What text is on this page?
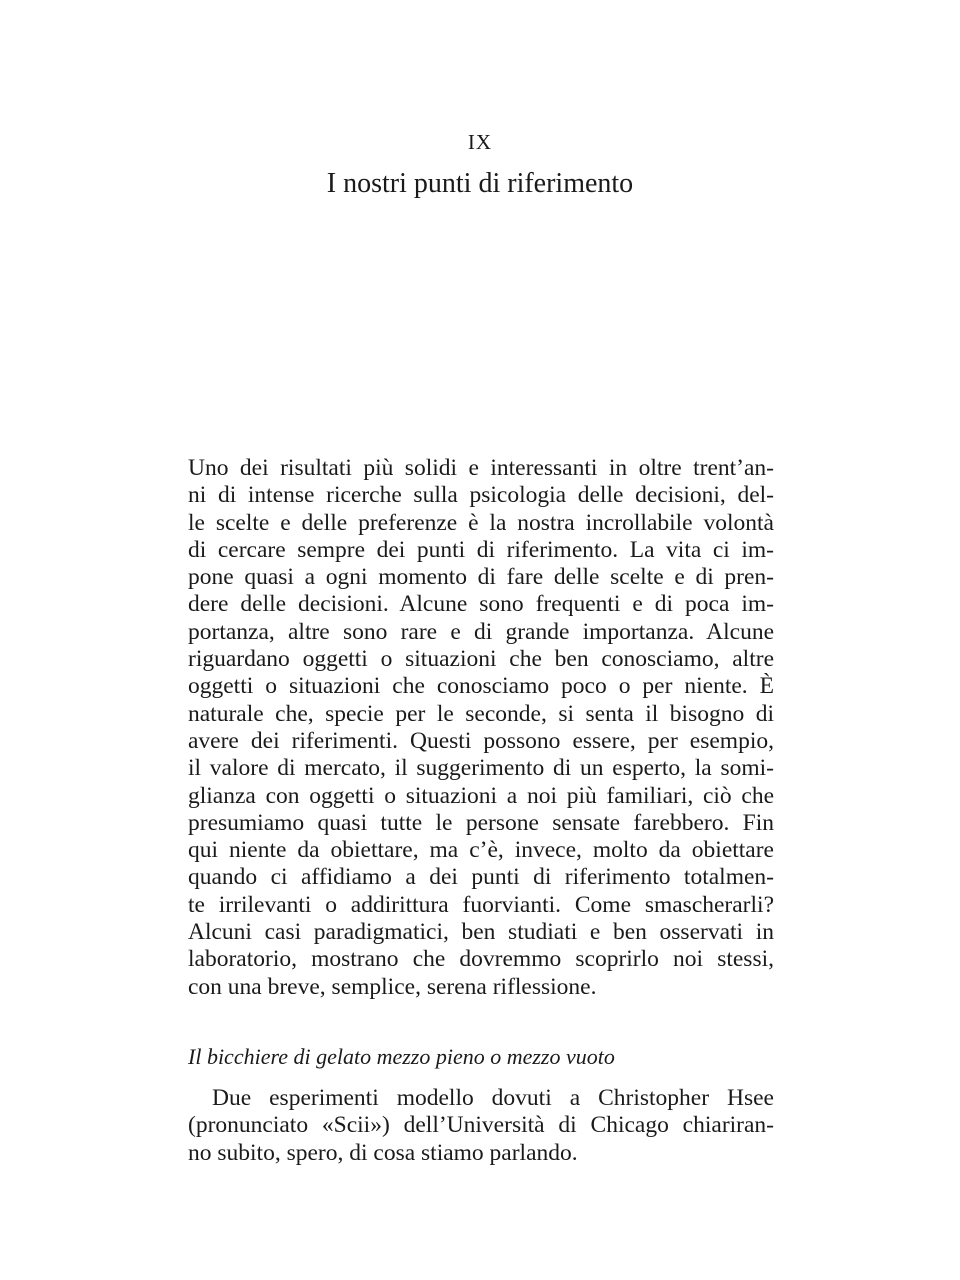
IX
I nostri punti di riferimento
Uno dei risultati più solidi e interessanti in oltre trent’an-
ni di intense ricerche sulla psicologia delle decisioni, del-
le scelte e delle preferenze è la nostra incrollabile volontà
di cercare sempre dei punti di riferimento. La vita ci im-
pone quasi a ogni momento di fare delle scelte e di pren-
dere delle decisioni. Alcune sono frequenti e di poca im-
portanza, altre sono rare e di grande importanza. Alcune
riguardano oggetti o situazioni che ben conosciamo, altre
oggetti o situazioni che conosciamo poco o per niente. È
naturale che, specie per le seconde, si senta il bisogno di
avere dei riferimenti. Questi possono essere, per esempio,
il valore di mercato, il suggerimento di un esperto, la somi-
glianza con oggetti o situazioni a noi più familiari, ciò che
presumiamo quasi tutte le persone sensate farebbero. Fin
qui niente da obiettare, ma c’è, invece, molto da obiettare
quando ci affidiamo a dei punti di riferimento totalmen-
te irrilevanti o addirittura fuorvianti. Come smascherarli?
Alcuni casi paradigmatici, ben studiati e ben osservati in
laboratorio, mostrano che dovremmo scoprirlo noi stessi,
con una breve, semplice, serena riflessione.
Il bicchiere di gelato mezzo pieno o mezzo vuoto
Due esperimenti modello dovuti a Christopher Hsee
(pronunciato «Scii») dell’Università di Chicago chiariran-
no subito, spero, di cosa stiamo parlando.
